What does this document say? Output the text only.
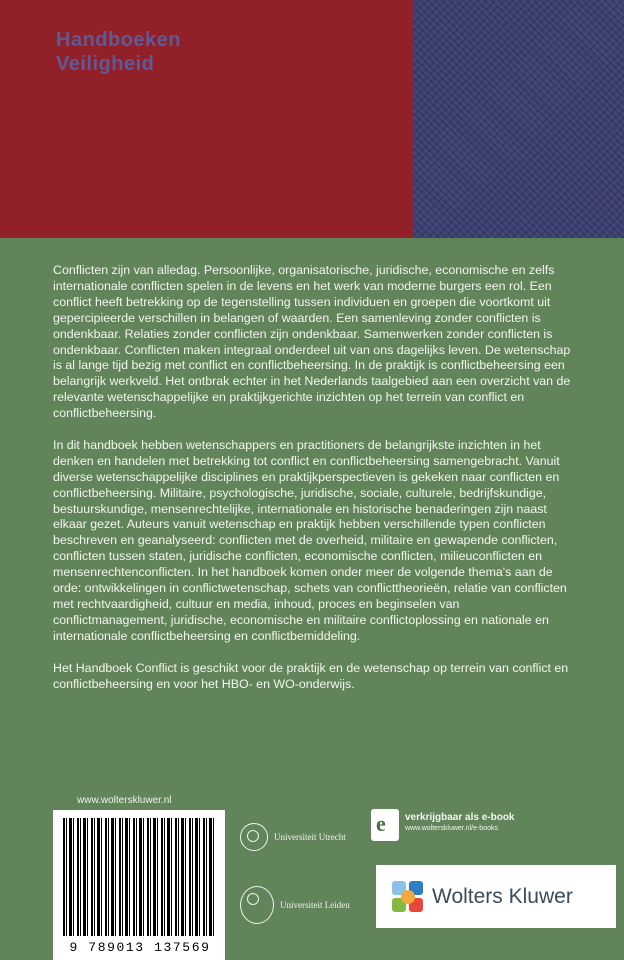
Handboeken
Veiligheid

Conflicten zijn van alledag. Persoonlijke, organisatorische, juridische, economische en zelfs internationale conflicten spelen in de levens en het werk van moderne burgers een rol. Een conflict heeft betrekking op de tegenstelling tussen individuen en groepen die voortkomt uit gepercipieerde verschillen in belangen of waarden. Een samenleving zonder conflicten is ondenkbaar. Relaties zonder conflicten zijn ondenkbaar. Samenwerken zonder conflicten is ondenkbaar. Conflicten maken integraal onderdeel uit van ons dagelijks leven. De wetenschap is al lange tijd bezig met conflict en conflictbeheersing. In de praktijk is conflictbeheersing een belangrijk werkveld. Het ontbrak echter in het Nederlands taalgebied aan een overzicht van de relevante wetenschappelijke en praktijkgerichte inzichten op het terrein van conflict en conflictbeheersing.

In dit handboek hebben wetenschappers en practitioners de belangrijkste inzichten in het denken en handelen met betrekking tot conflict en conflictbeheersing samengebracht. Vanuit diverse wetenschappelijke disciplines en praktijkperspectieven is gekeken naar conflicten en conflictbeheersing. Militaire, psychologische, juridische, sociale, culturele, bedrijfskundige, bestuurskundige, mensenrechtelijke, internationale en historische benaderingen zijn naast elkaar gezet. Auteurs vanuit wetenschap en praktijk hebben verschillende typen conflicten beschreven en geanalyseerd: conflicten met de overheid, militaire en gewapende conflicten, conflicten tussen staten, juridische conflicten, economische conflicten, milieuconflicten en mensenrechtenconflicten. In het handboek komen onder meer de volgende thema's aan de orde: ontwikkelingen in conflictwetenschap, schets van conflicttheorieën, relatie van conflicten met rechtvaardigheid, cultuur en media, inhoud, proces en beginselen van conflictmanagement, juridische, economische en militaire conflictoplossing en nationale en internationale conflictbeheersing en conflictbemiddeling.

Het Handboek Conflict is geschikt voor de praktijk en de wetenschap op terrein van conflict en conflictbeheersing en voor het HBO- en WO-onderwijs.

www.wolterskluwer.nl
9 789013 137569
Universiteit Utrecht
Universiteit Leiden
e verkrijgbaar als e-book
www.wolterskluwer.nl/e-books
Wolters Kluwer
